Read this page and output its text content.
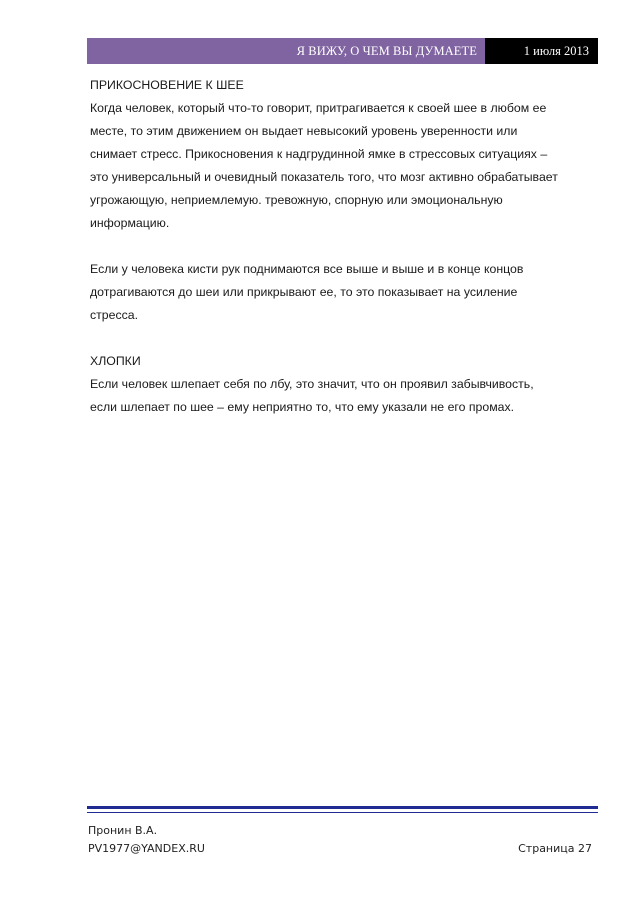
Я ВИЖУ, О ЧЕМ ВЫ ДУМАЕТЕ	1 июля 2013

ПРИКОСНОВЕНИЕ К ШЕЕ

Когда человек, который что-то говорит, притрагивается к своей шее в любом ее

месте, то этим движением он выдает невысокий уровень уверенности или

снимает стресс. Прикосновения к надгрудинной ямке в стрессовых ситуациях –

это универсальный и очевидный показатель того, что мозг активно обрабатывает

угрожающую, неприемлемую. тревожную, спорную или эмоциональную

информацию.

Если у человека кисти рук поднимаются все выше и выше и в конце концов

дотрагиваются до шеи или прикрывают ее, то это показывает на усиление

стресса.

ХЛОПКИ

Если человек шлепает себя по лбу, это значит, что он проявил забывчивость,

если шлепает по шее – ему неприятно то, что ему указали не его промах.

Пронин В.А.
PV1977@YANDEX.RU	Страница 27
